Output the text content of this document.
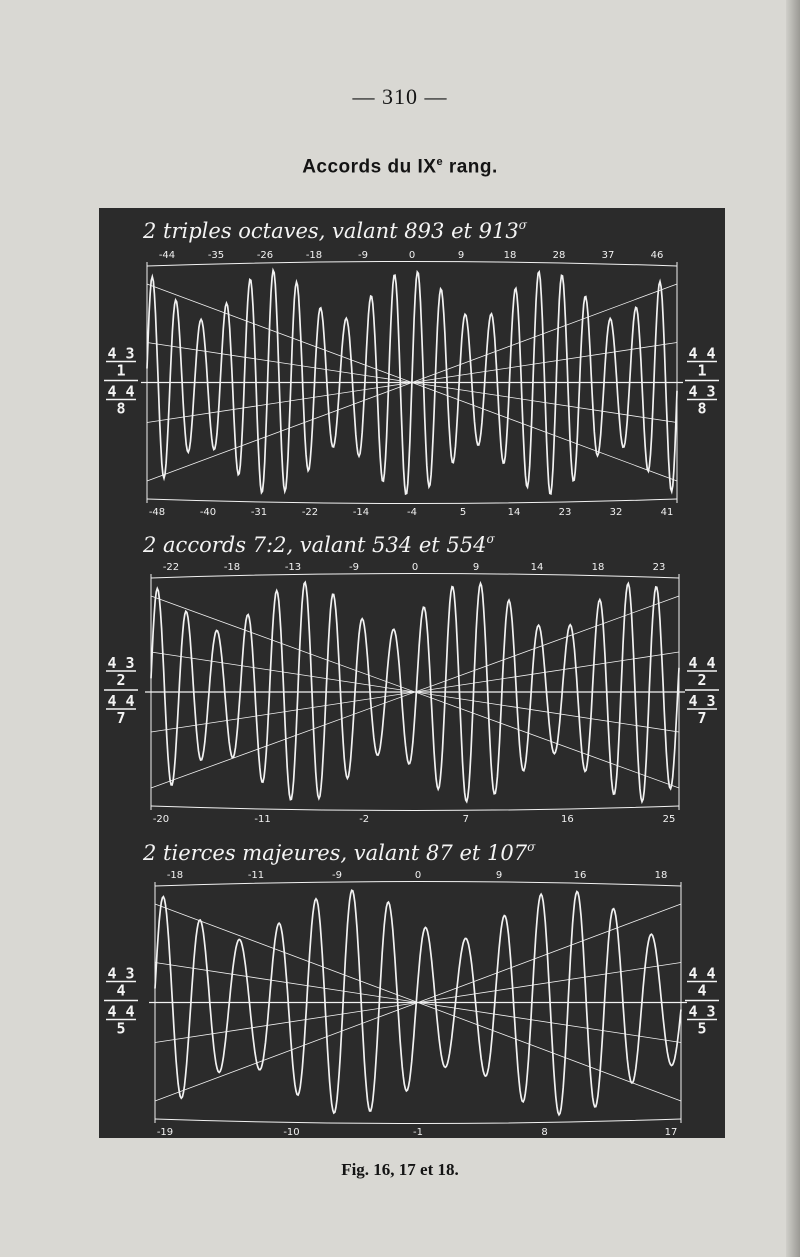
— 310 —
Accords du IXe rang.
2 triples octaves, valant 893 et $913^\sigma$
-44	-35	-26	-18	-9	0	9	18	28	37	46
-48	-40	-31	-22	-14	-4	5	14	23	32	41
4 3
1
4 4
8
4 4
1
4 3
8
2 accords 7:2, valant 534 et $554^\sigma$
-22	-18	-13	-9	0	9	14	18	23
-20	-11	-2	7	16	25
4 3
2
4 4
7
4 4
2
4 3
7
2 tierces majeures, valant 87 et $107^\sigma$
-18	-11	-9	0	9	16	18
-19	-10	-1	8	17
4 3
4
4 4
5
4 4
4
4 3
5
Fig. 16, 17 et 18.
